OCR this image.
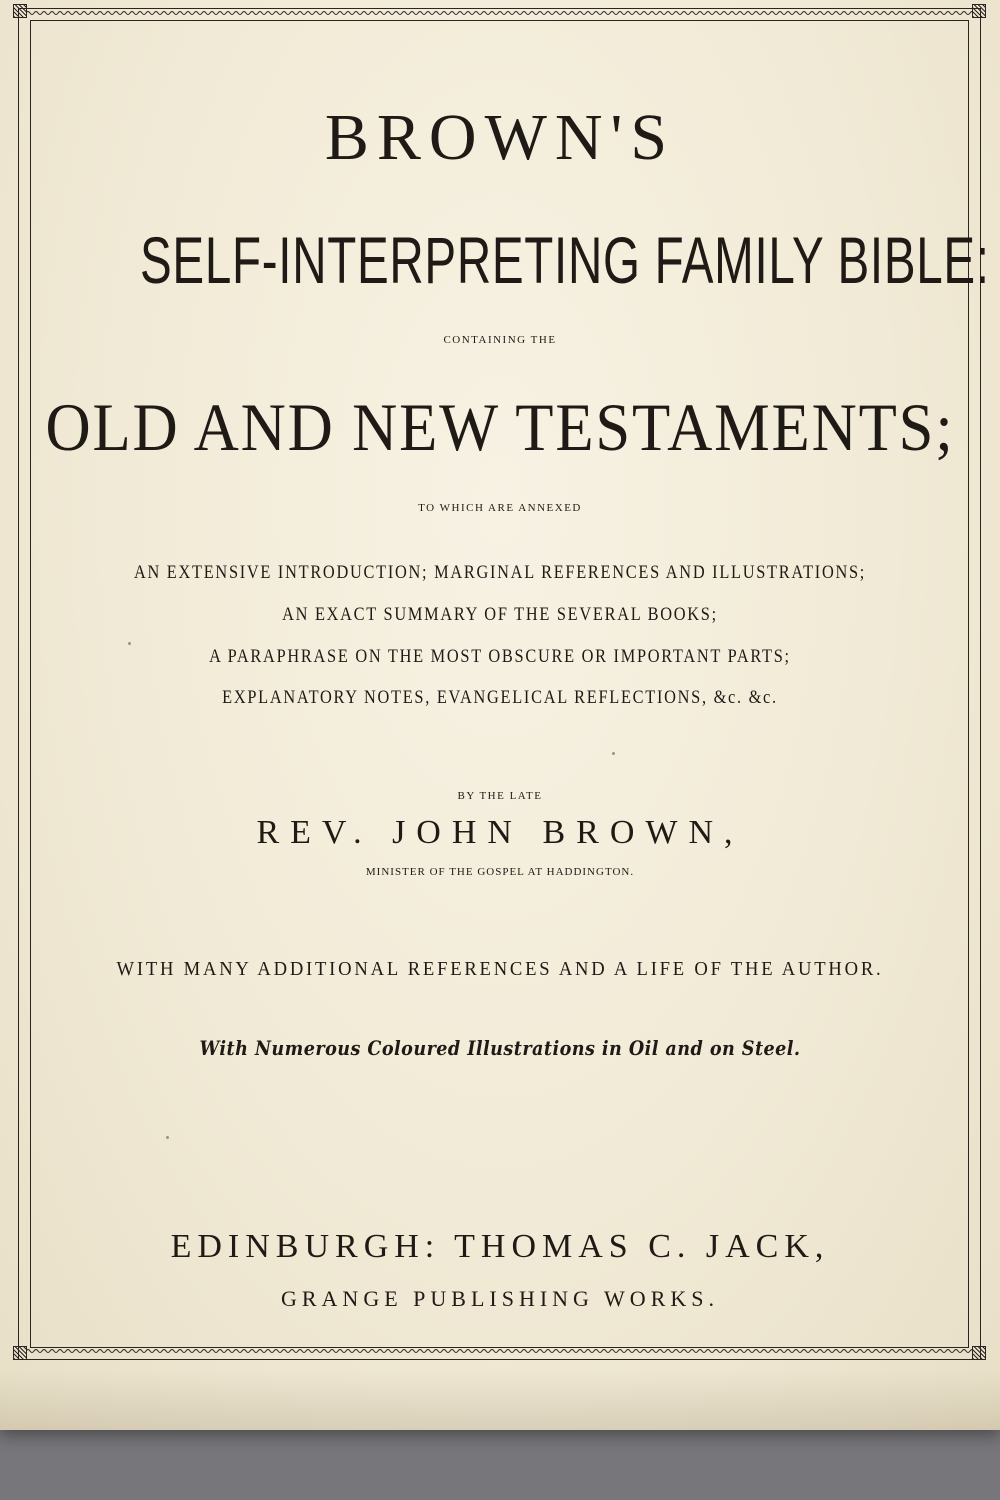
BROWN'S
SELF-INTERPRETING FAMILY BIBLE:

CONTAINING THE

OLD AND NEW TESTAMENTS;

TO WHICH ARE ANNEXED

AN EXTENSIVE INTRODUCTION; MARGINAL REFERENCES AND ILLUSTRATIONS;

AN EXACT SUMMARY OF THE SEVERAL BOOKS;

A PARAPHRASE ON THE MOST OBSCURE OR IMPORTANT PARTS;

EXPLANATORY NOTES, EVANGELICAL REFLECTIONS, &c. &c.

BY THE LATE

REV. JOHN BROWN,

MINISTER OF THE GOSPEL AT HADDINGTON.

WITH MANY ADDITIONAL REFERENCES AND A LIFE OF THE AUTHOR.

With Numerous Coloured Illustrations in Oil and on Steel.

EDINBURGH: THOMAS C. JACK,

GRANGE PUBLISHING WORKS.
